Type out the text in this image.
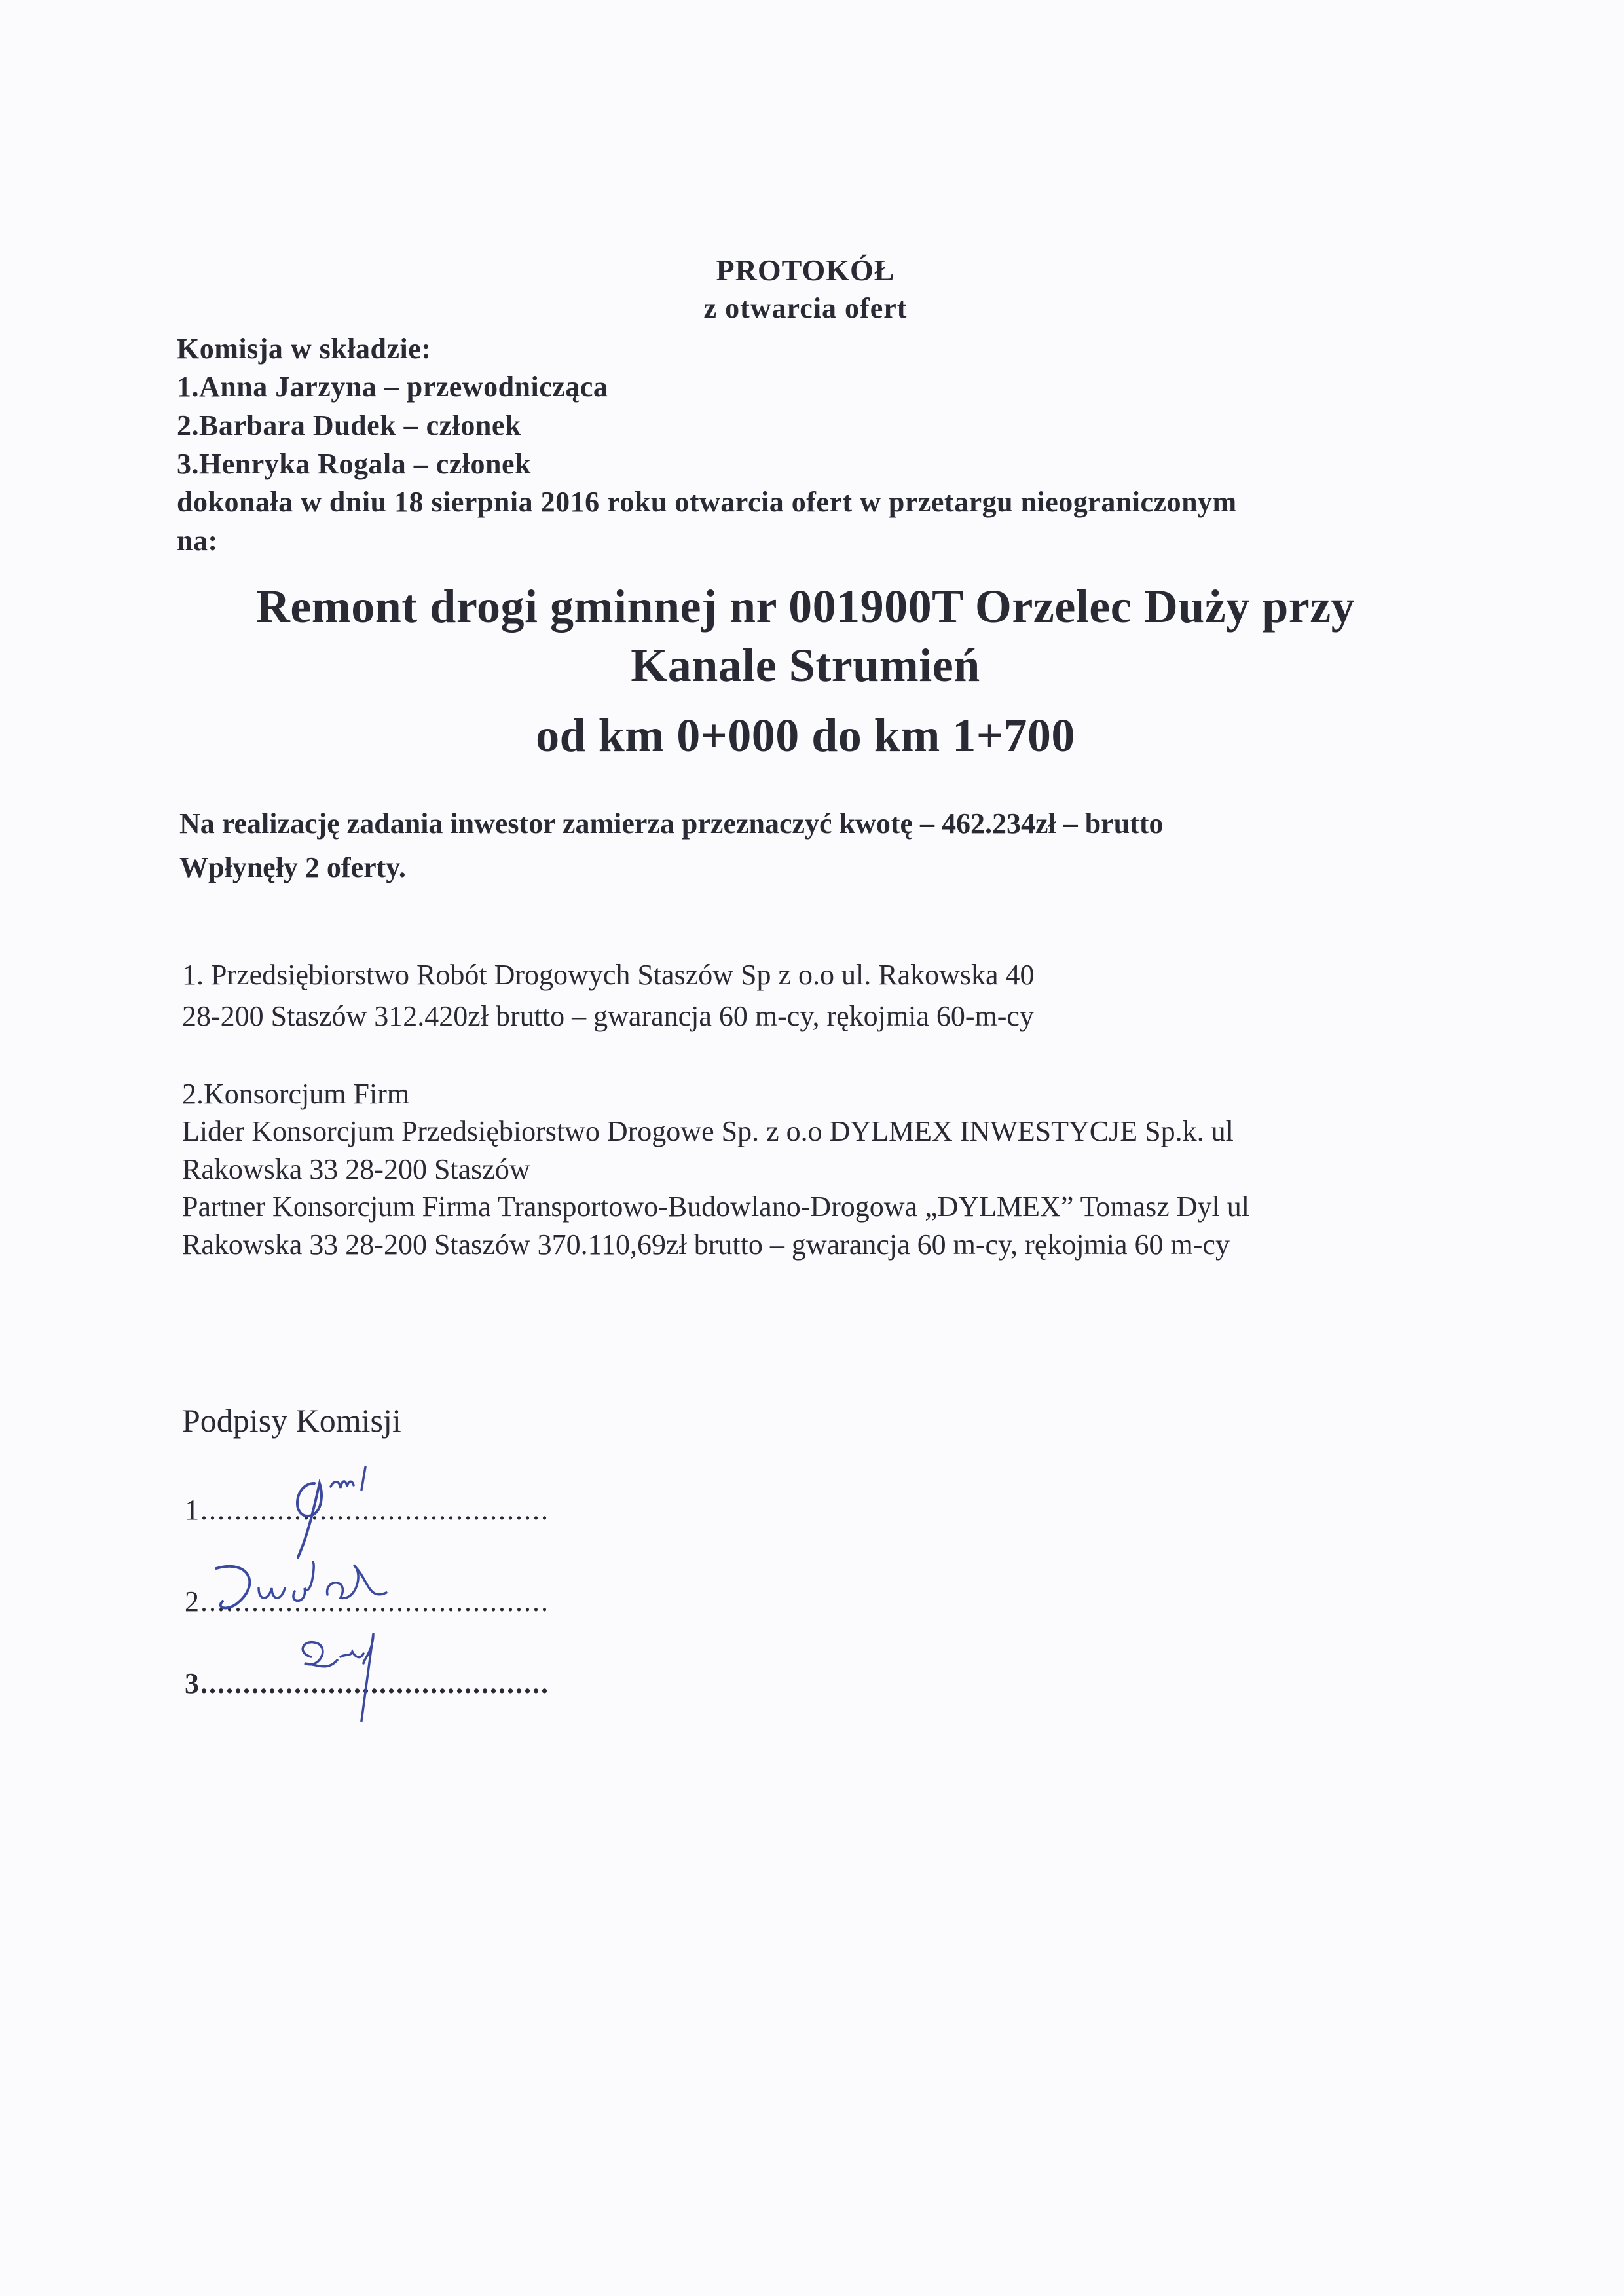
PROTOKÓŁ
z otwarcia ofert
Komisja w składzie:
1.Anna Jarzyna – przewodnicząca
2.Barbara Dudek – członek
3.Henryka Rogala – członek
dokonała w dniu 18 sierpnia 2016 roku otwarcia ofert w przetargu nieograniczonym
na:
Remont drogi gminnej nr 001900T Orzelec Duży przy
Kanale Strumień
od km 0+000 do km 1+700
Na realizację zadania inwestor zamierza przeznaczyć kwotę – 462.234zł – brutto
Wpłynęły 2 oferty.
1. Przedsiębiorstwo Robót Drogowych Staszów Sp z o.o ul. Rakowska 40
28-200 Staszów 312.420zł brutto – gwarancja 60 m-cy, rękojmia 60-m-cy
2.Konsorcjum Firm
Lider Konsorcjum Przedsiębiorstwo Drogowe Sp. z o.o DYLMEX INWESTYCJE Sp.k. ul
Rakowska 33 28-200 Staszów
Partner Konsorcjum Firma Transportowo-Budowlano-Drogowa „DYLMEX” Tomasz Dyl ul
Rakowska 33 28-200 Staszów 370.110,69zł brutto – gwarancja 60 m-cy, rękojmia 60 m-cy
Podpisy Komisji
1.........................................
2.........................................
3.........................................
